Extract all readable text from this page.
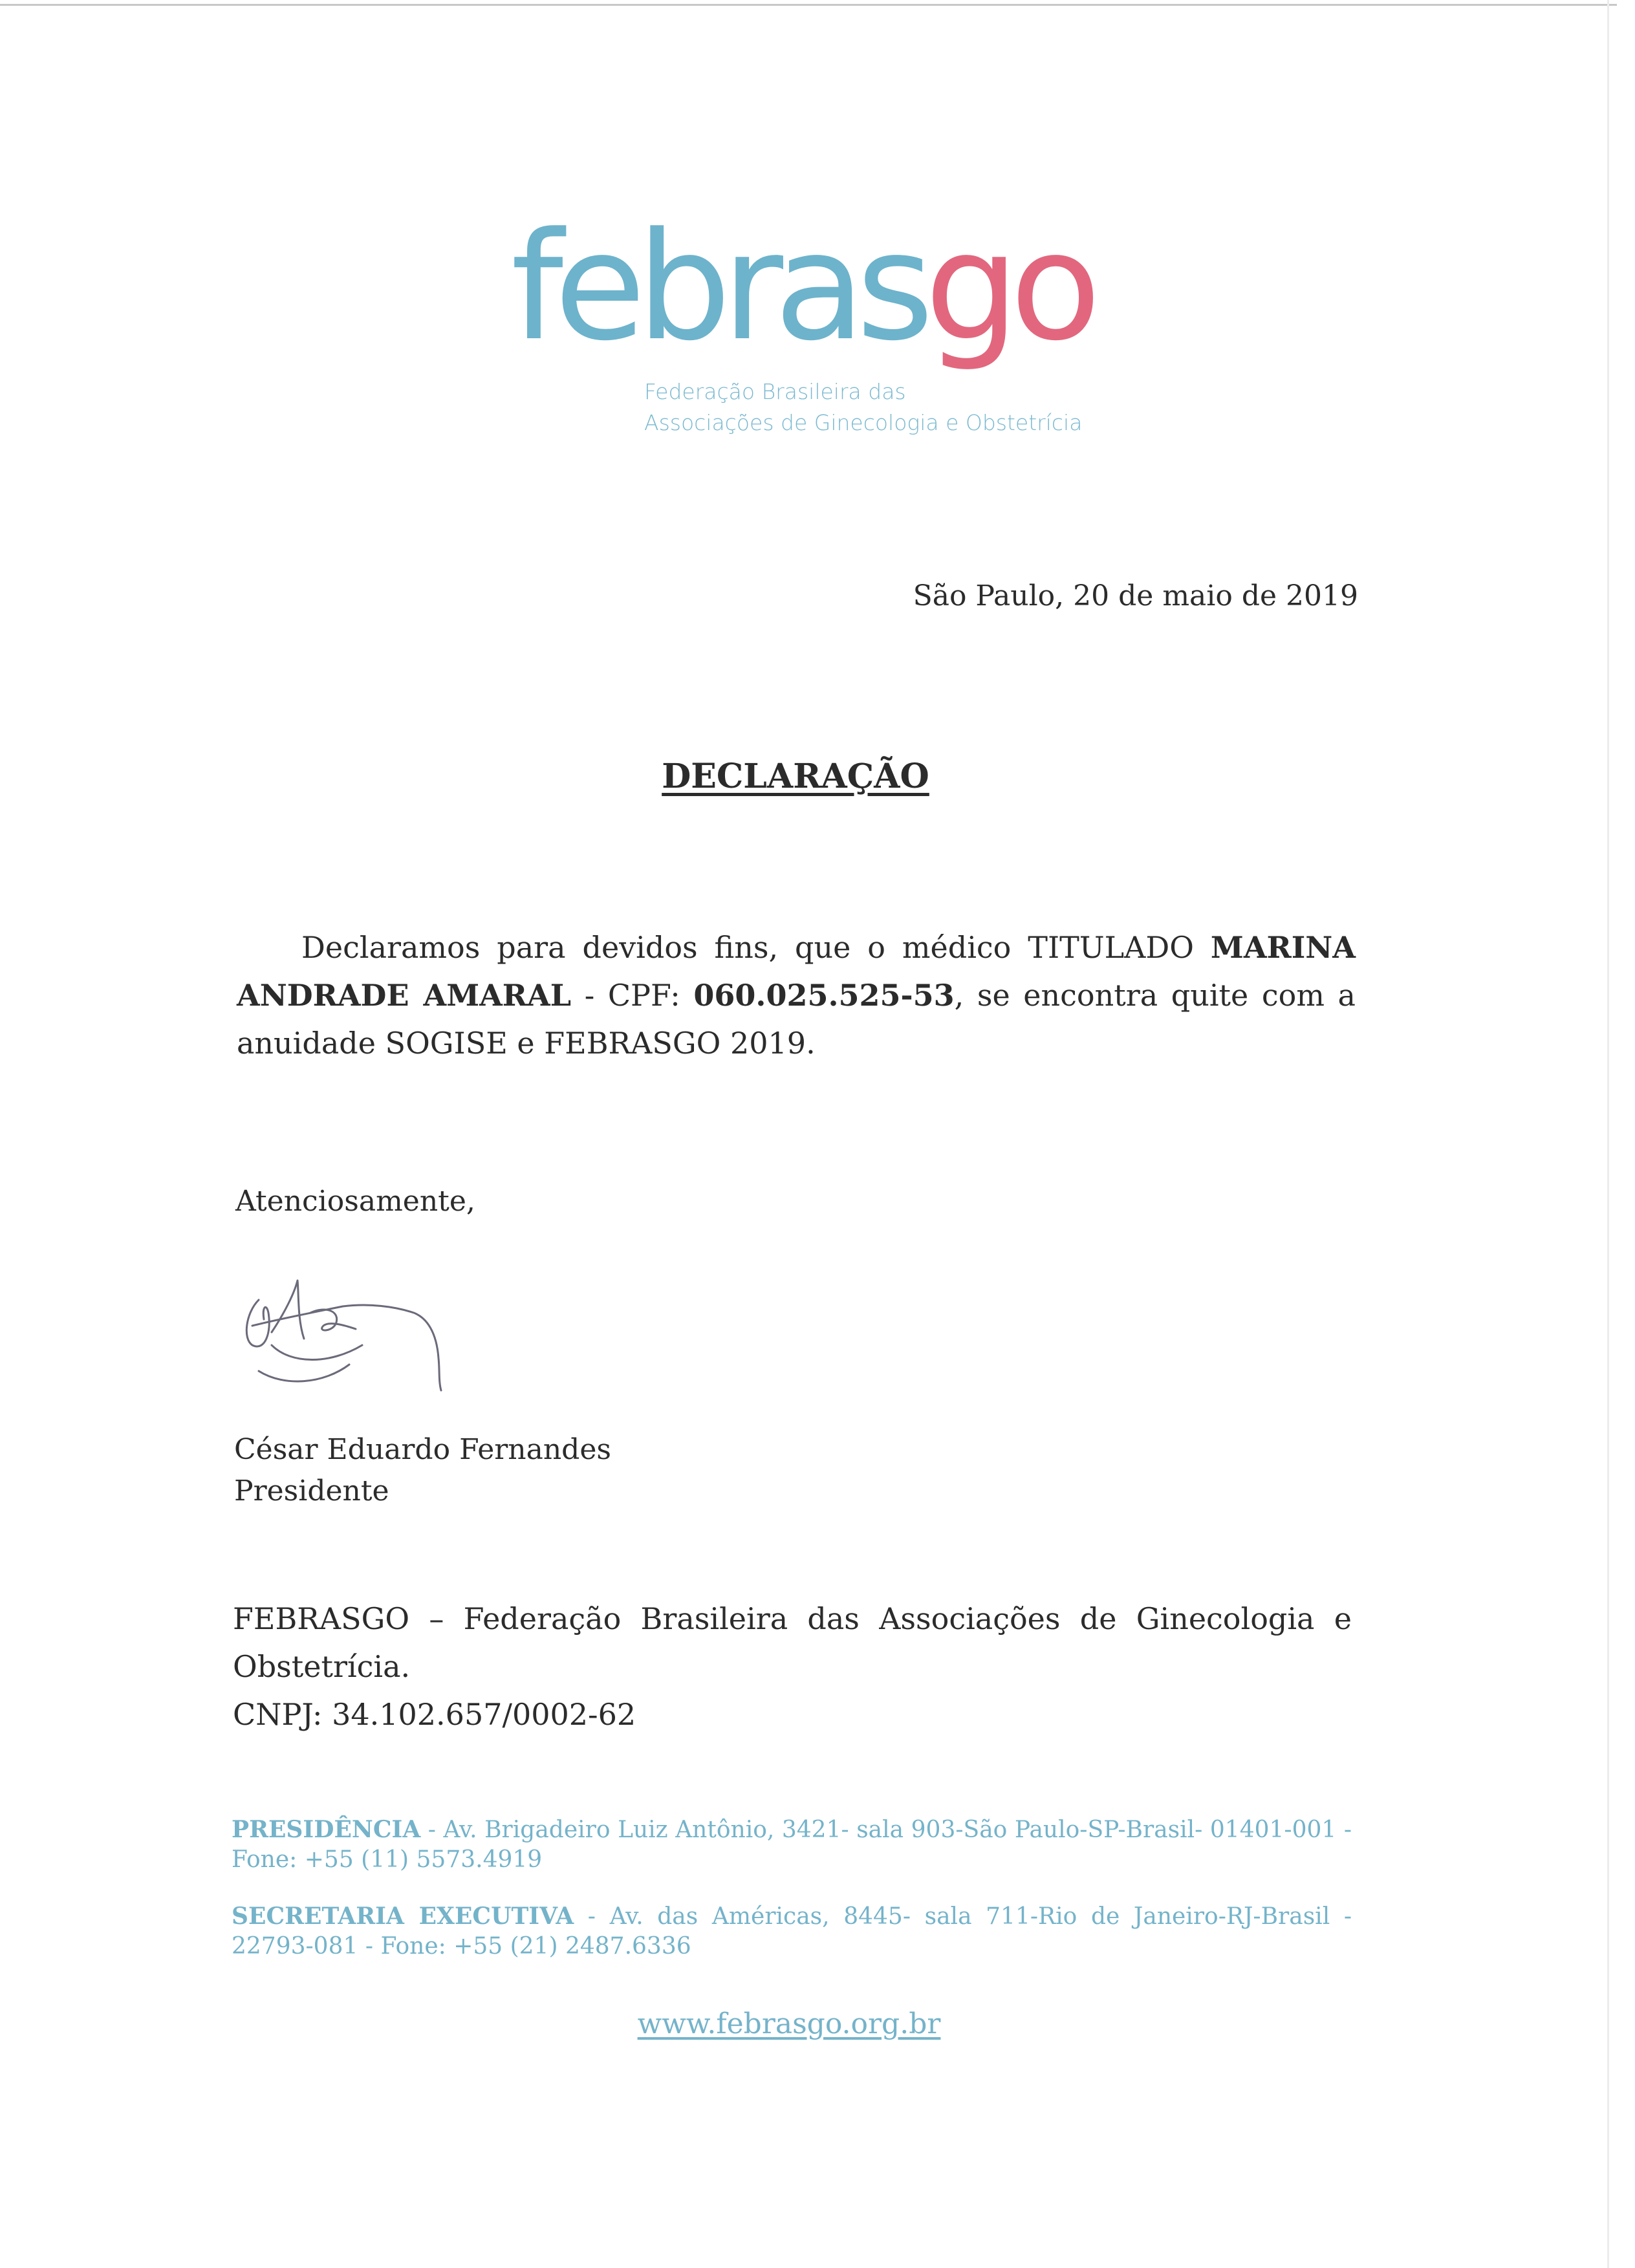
febrasgo
Federação Brasileira das
Associações de Ginecologia e Obstetrícia
São Paulo, 20 de maio de 2019
DECLARAÇÃO
Declaramos para devidos fins, que o médico TITULADO MARINA ANDRADE AMARAL - CPF: 060.025.525-53, se encontra quite com a anuidade SOGISE e FEBRASGO 2019.
Atenciosamente,
César Eduardo Fernandes
Presidente
FEBRASGO – Federação Brasileira das Associações de Ginecologia e Obstetrícia.
CNPJ: 34.102.657/0002-62
PRESIDÊNCIA - Av. Brigadeiro Luiz Antônio, 3421- sala 903-São Paulo-SP-Brasil- 01401-001 - Fone: +55 (11) 5573.4919
SECRETARIA EXECUTIVA - Av. das Américas, 8445- sala 711-Rio de Janeiro-RJ-Brasil - 22793-081 - Fone: +55 (21) 2487.6336
www.febrasgo.org.br
